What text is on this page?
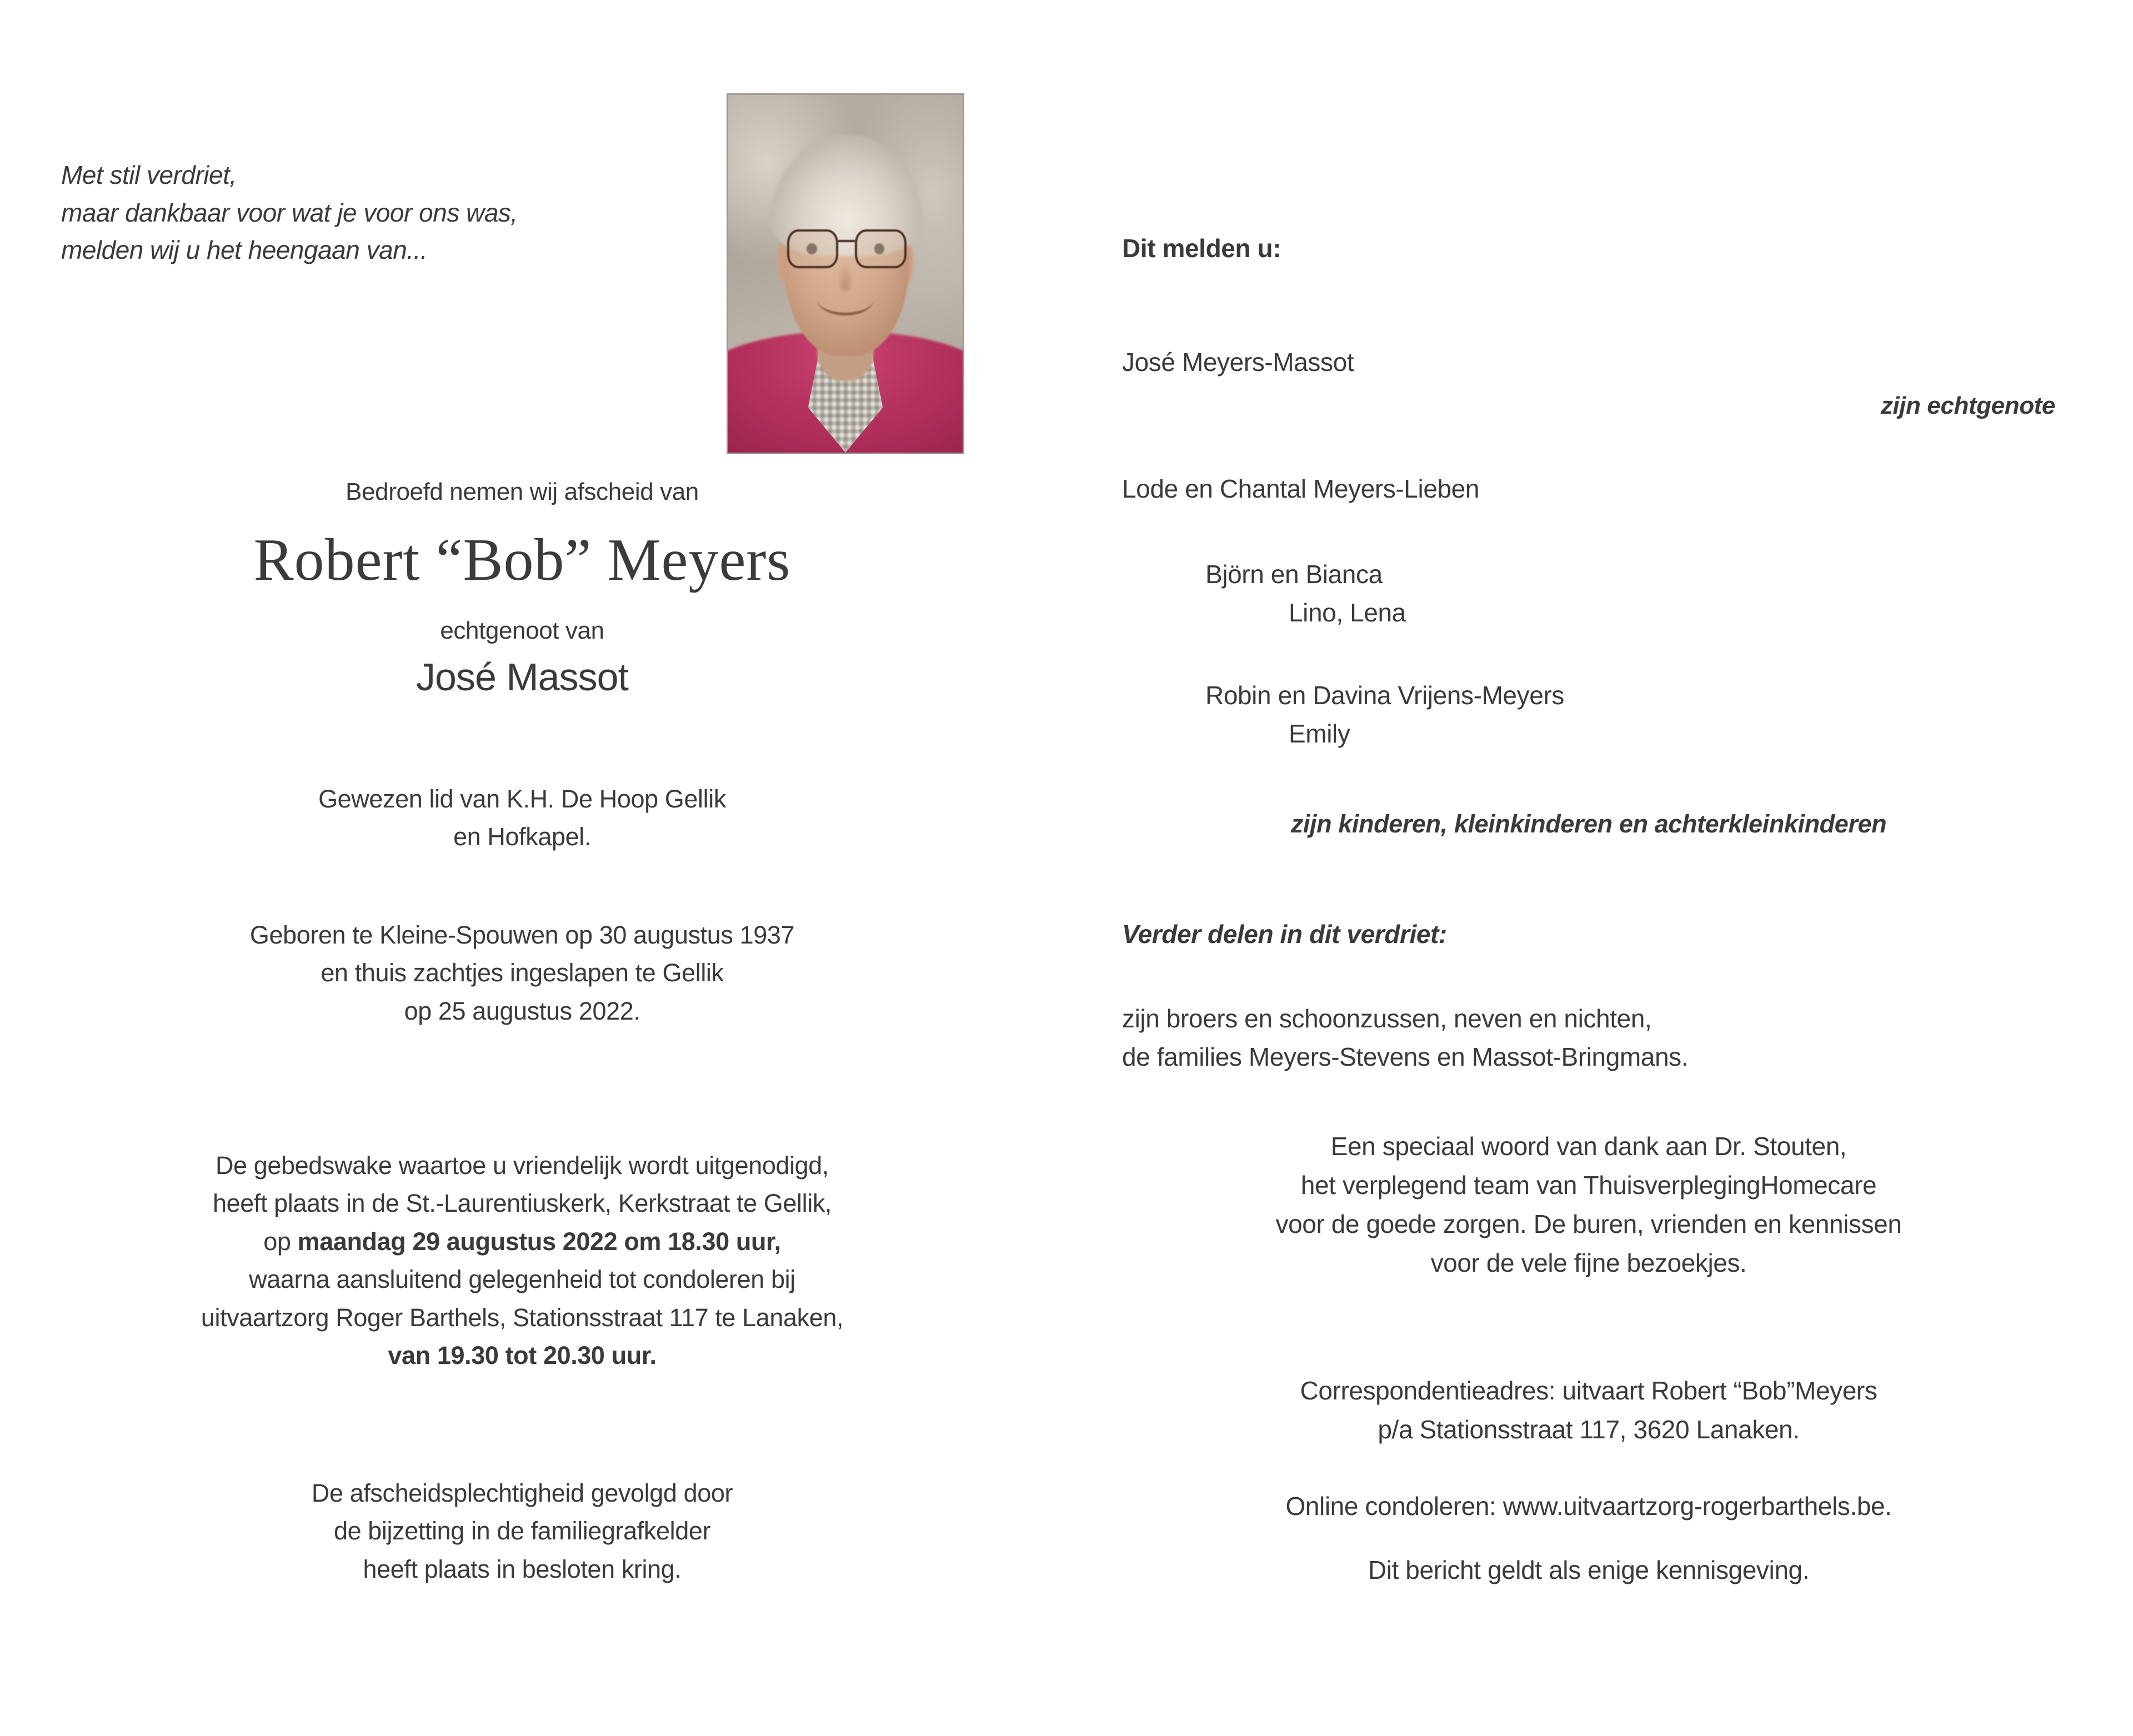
Met stil verdriet,
maar dankbaar voor wat je voor ons was,
melden wij u het heengaan van...
Bedroefd nemen wij afscheid van
Robert “Bob” Meyers
echtgenoot van
José Massot
Gewezen lid van K.H. De Hoop Gellik
en Hofkapel.
Geboren te Kleine-Spouwen op 30 augustus 1937
en thuis zachtjes ingeslapen te Gellik
op 25 augustus 2022.
De gebedswake waartoe u vriendelijk wordt uitgenodigd,
heeft plaats in de St.-Laurentiuskerk, Kerkstraat te Gellik,
op maandag 29 augustus 2022 om 18.30 uur,
waarna aansluitend gelegenheid tot condoleren bij
uitvaartzorg Roger Barthels, Stationsstraat 117 te Lanaken,
van 19.30 tot 20.30 uur.
De afscheidsplechtigheid gevolgd door
de bijzetting in de familiegrafkelder
heeft plaats in besloten kring.
Dit melden u:
José Meyers-Massot
zijn echtgenote
Lode en Chantal Meyers-Lieben
Björn en Bianca
Lino, Lena
Robin en Davina Vrijens-Meyers
Emily
zijn kinderen, kleinkinderen en achterkleinkinderen
Verder delen in dit verdriet:
zijn broers en schoonzussen, neven en nichten,
de families Meyers-Stevens en Massot-Bringmans.
Een speciaal woord van dank aan Dr. Stouten,
het verplegend team van ThuisverplegingHomecare
voor de goede zorgen. De buren, vrienden en kennissen
voor de vele fijne bezoekjes.
Correspondentieadres: uitvaart Robert “Bob”Meyers
p/a Stationsstraat 117, 3620 Lanaken.
Online condoleren: www.uitvaartzorg-rogerbarthels.be.
Dit bericht geldt als enige kennisgeving.
